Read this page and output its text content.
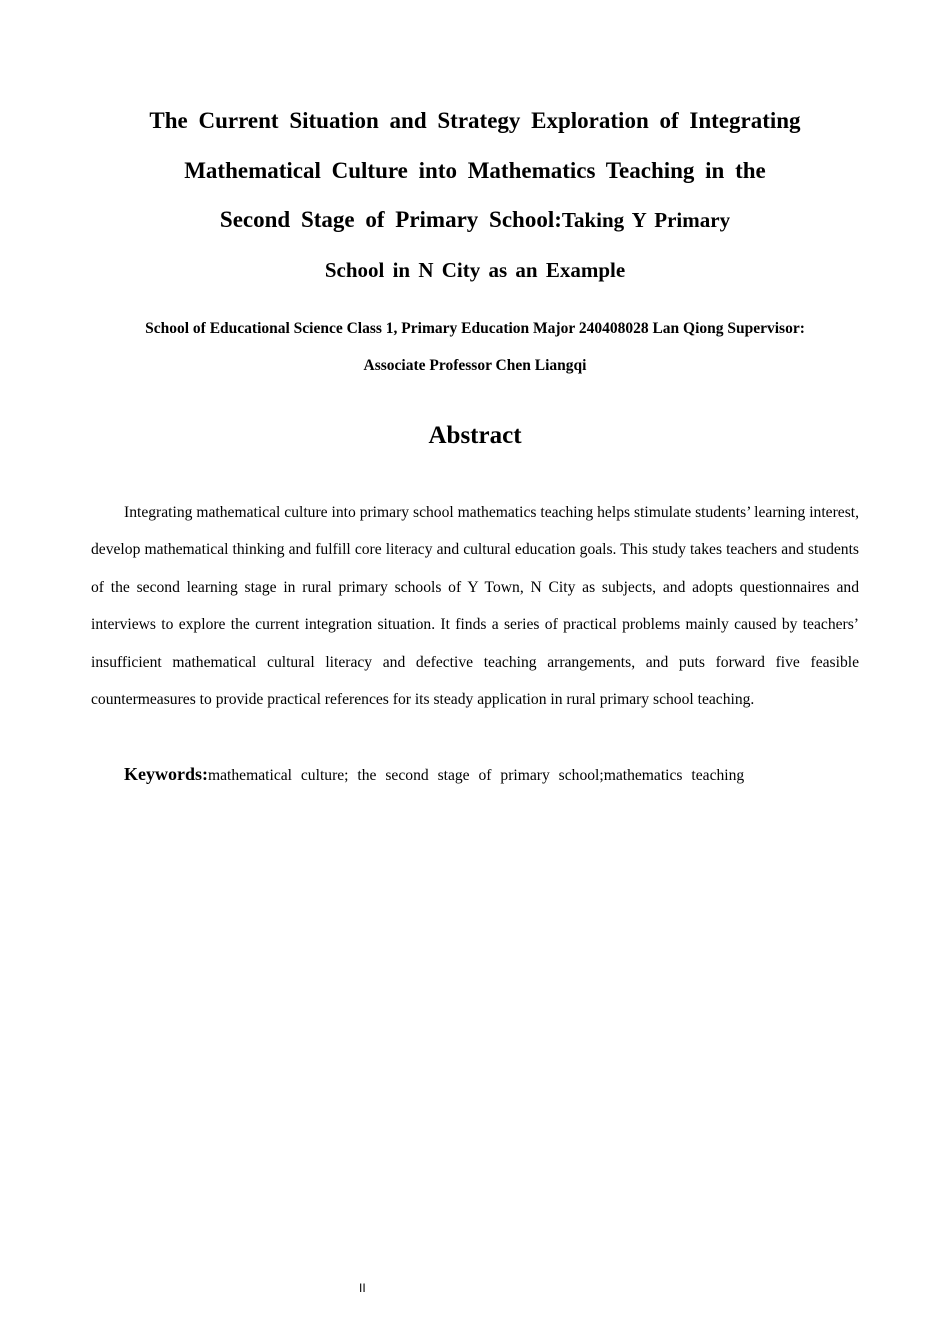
The Current Situation and Strategy Exploration of Integrating
Mathematical Culture into Mathematics Teaching in the
Second Stage of Primary School:Taking Y Primary
School in N City as an Example
School of Educational Science Class 1, Primary Education Major 240408028 Lan Qiong Supervisor:
Associate Professor Chen Liangqi
Abstract

Integrating mathematical culture into primary school mathematics teaching helps stimulate students’ learning interest, develop mathematical thinking and fulfill core literacy and cultural education goals. This study takes teachers and students of the second learning stage in rural primary schools of Y Town, N City as subjects, and adopts questionnaires and interviews to explore the current integration situation. It finds a series of practical problems mainly caused by teachers’ insufficient mathematical cultural literacy and defective teaching arrangements, and puts forward five feasible countermeasures to provide practical references for its steady application in rural primary school teaching.

Keywords:mathematical culture; the second stage of primary school;mathematics teaching
II
